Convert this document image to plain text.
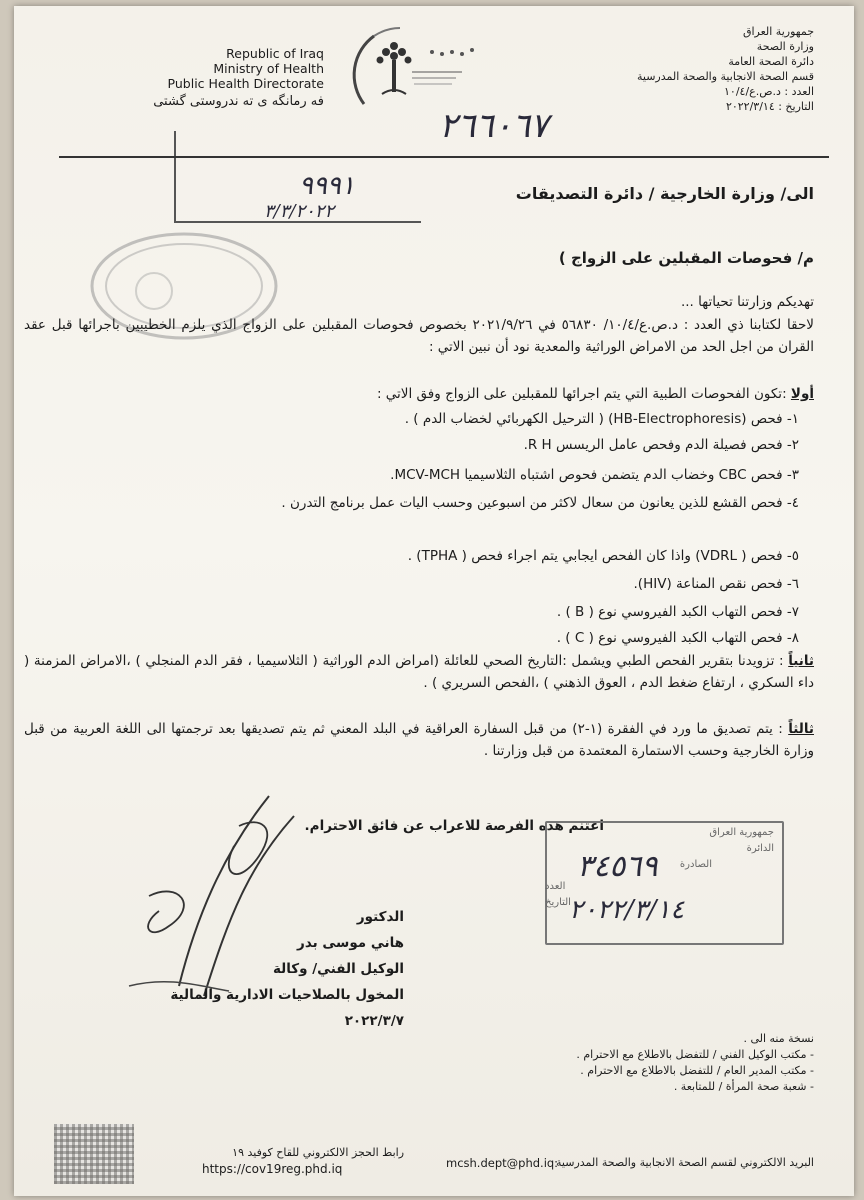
Republic of Iraq
Ministry of Health
Public Health Directorate
فه رمانگه ی ته ندروستی گشتی
جمهورية العراق
وزارة الصحة
دائرة الصحة العامة
قسم الصحة الانجابية والصحة المدرسية
العدد : د.ص.ع/١٠/٤
التاريخ : ٢٠٢٢/٣/١٤
٢٦٦٠٦٧
٩٩٩١
٣/٣/٢٠٢٢
الى/ وزارة الخارجية / دائرة التصديقات
م/ فحوصات المقبلين على الزواج )
تهديكم وزارتنا تحياتها ...
لاحقا لكتابنا ذي العدد : د.ص.ع/١٠/٤/ ٥٦٨٣٠ في ٢٠٢١/٩/٢٦ بخصوص فحوصات المقبلين على الزواج الذي يلزم الخطيبين باجرائها قبل عقد القران من اجل الحد من الامراض الوراثية والمعدية نود أن نبين الاتي :
أولا :تكون الفحوصات الطبية التي يتم اجرائها للمقبلين على الزواج وفق الاتي :
١- فحص (HB-Electrophoresis) ( الترحيل الكهربائي لخضاب الدم ) .
٢- فحص فصيلة الدم وفحص عامل الريسس R H.
٣- فحص CBC وخضاب الدم يتضمن فحوص اشتباه الثلاسيميا MCV-MCH.
٤- فحص القشع للذين يعانون من سعال لاكثر من اسبوعين وحسب اليات عمل برنامج التدرن .
٥- فحص ( VDRL) واذا كان الفحص ايجابي يتم اجراء فحص ( TPHA) .
٦- فحص نقص المناعة (HIV).
٧- فحص التهاب الكبد الفيروسي نوع ( B ) .
٨- فحص التهاب الكبد الفيروسي نوع ( C ) .
ثانياً : تزويدنا بتقرير الفحص الطبي ويشمل :التاريخ الصحي للعائلة (امراض الدم الوراثية ( الثلاسيميا ، فقر الدم المنجلي ) ،الامراض المزمنة ( داء السكري ، ارتفاع ضغط الدم ، العوق الذهني ) ،الفحص السريري ) .
ثالثاً : يتم تصديق ما ورد في الفقرة (١-٢) من قبل السفارة العراقية في البلد المعني ثم يتم تصديقها بعد ترجمتها الى اللغة العربية من قبل وزارة الخارجية وحسب الاستمارة المعتمدة من قبل وزارتنا .
اغتنم هذه الفرصة للاعراب عن فائق الاحترام.
الدكتور
هاني موسى بدر
الوكيل الفني/ وكالة
المخول بالصلاحيات الادارية والمالية
٢٠٢٢/٣/٧
جمهورية العراق
الدائرة
الصادرة
العدد
التاريخ
٣٤٥٦٩
٢٠٢٢/٣/١٤
نسخة منه الى .
- مكتب الوكيل الفني / للتفضل بالاطلاع مع الاحترام .
- مكتب المدير العام / للتفضل بالاطلاع مع الاحترام .
- شعبة صحة المرأة / للمتابعة .
رابط الحجز الالكتروني للقاح كوفيد ١٩
https://cov19reg.phd.iq	mcsh.dept@phd.iq:
البريد الالكتروني لقسم الصحة الانجابية والصحة المدرسية
